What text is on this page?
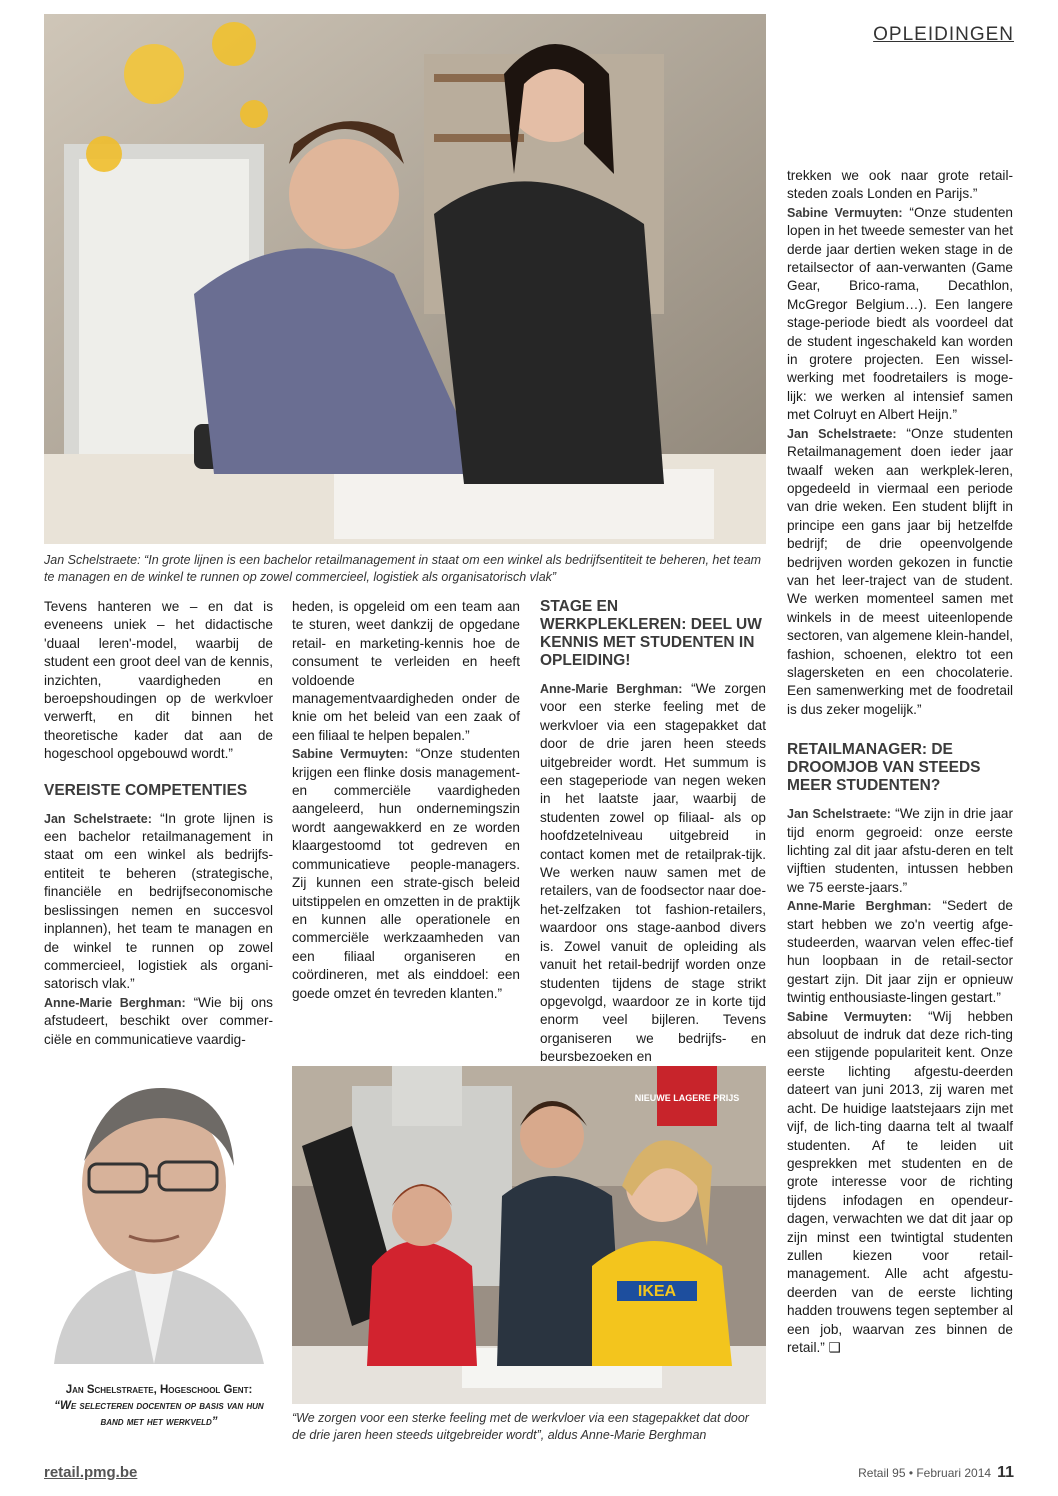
OPLEIDINGEN
Jan Schelstraete: “In grote lijnen is een bachelor retailmanagement in staat om een winkel als bedrijfsentiteit te beheren, het team te managen en de winkel te runnen op zowel commercieel, logistiek als organisatorisch vlak”

Tevens hanteren we – en dat is eveneens uniek – het didactische 'duaal leren'-model, waarbij de student een groot deel van de kennis, inzichten, vaardigheden en beroepshoudingen op de werkvloer verwerft, en dit binnen het theoretische kader dat aan de hogeschool opgebouwd wordt.”

VEREISTE COMPETENTIES

Jan Schelstraete: “In grote lijnen is een bachelor retailmanagement in staat om een winkel als bedrijfs-entiteit te beheren (strategische, financiële en bedrijfseconomische beslissingen nemen en succesvol inplannen), het team te managen en de winkel te runnen op zowel commercieel, logistiek als organi-satorisch vlak.”

Anne-Marie Berghman: “Wie bij ons afstudeert, beschikt over commer-ciële en communicatieve vaardig-

heden, is opgeleid om een team aan te sturen, weet dankzij de opgedane retail- en marketing-kennis hoe de consument te verleiden en heeft voldoende managementvaardigheden onder de knie om het beleid van een zaak of een filiaal te helpen bepalen.”

Sabine Vermuyten: “Onze studenten krijgen een flinke dosis management- en commerciële vaardigheden aangeleerd, hun ondernemingszin wordt aangewakkerd en ze worden klaargestoomd tot gedreven en communicatieve people-managers. Zij kunnen een strate-gisch beleid uitstippelen en omzetten in de praktijk en kunnen alle operationele en commerciële werkzaamheden van een filiaal organiseren en coördineren, met als einddoel: een goede omzet én tevreden klanten.”

STAGE EN WERKPLEKLEREN: DEEL UW KENNIS MET STUDENTEN IN OPLEIDING!

Anne-Marie Berghman: “We zorgen voor een sterke feeling met de werkvloer via een stagepakket dat door de drie jaren heen steeds uitgebreider wordt. Het summum is een stageperiode van negen weken in het laatste jaar, waarbij de studenten zowel op filiaal- als op hoofdzetelniveau uitgebreid in contact komen met de retailprak-tijk. We werken nauw samen met de retailers, van de foodsector naar doe-het-zelfzaken tot fashion-retailers, waardoor ons stage-aanbod divers is. Zowel vanuit de opleiding als vanuit het retail-bedrijf worden onze studenten tijdens de stage strikt opgevolgd, waardoor ze in korte tijd enorm veel bijleren. Tevens organiseren we bedrijfs- en beursbezoeken en

trekken we ook naar grote retail-steden zoals Londen en Parijs.”

Sabine Vermuyten: “Onze studenten lopen in het tweede semester van het derde jaar dertien weken stage in de retailsector of aan-verwanten (Game Gear, Brico-rama, Decathlon, McGregor Belgium…). Een langere stage-periode biedt als voordeel dat de student ingeschakeld kan worden in grotere projecten. Een wissel-werking met foodretailers is moge-lijk: we werken al intensief samen met Colruyt en Albert Heijn.”

Jan Schelstraete: “Onze studenten Retailmanagement doen ieder jaar twaalf weken aan werkplek-leren, opgedeeld in viermaal een periode van drie weken. Een student blijft in principe een gans jaar bij hetzelfde bedrijf; de drie opeenvolgende bedrijven worden gekozen in functie van het leer-traject van de student. We werken momenteel samen met winkels in de meest uiteenlopende sectoren, van algemene klein-handel, fashion, schoenen, elektro tot een slagersketen en een chocolaterie. Een samenwerking met de foodretail is dus zeker mogelijk.”

RETAILMANAGER: DE DROOMJOB VAN STEEDS MEER STUDENTEN?

Jan Schelstraete: “We zijn in drie jaar tijd enorm gegroeid: onze eerste lichting zal dit jaar afstu-deren en telt vijftien studenten, intussen hebben we 75 eerste-jaars.”

Anne-Marie Berghman: “Sedert de start hebben we zo'n veertig afge-studeerden, waarvan velen effec-tief hun loopbaan in de retail-sector gestart zijn. Dit jaar zijn er opnieuw twintig enthousiaste-lingen gestart.”

Sabine Vermuyten: “Wij hebben absoluut de indruk dat deze rich-ting een stijgende populariteit kent. Onze eerste lichting afgestu-deerden dateert van juni 2013, zij waren met acht. De huidige laatstejaars zijn met vijf, de lich-ting daarna telt al twaalf studenten. Af te leiden uit gesprekken met studenten en de grote interesse voor de richting tijdens infodagen en opendeur-dagen, verwachten we dat dit jaar op zijn minst een twintigtal studenten zullen kiezen voor retail-management. Alle acht afgestu-deerden van de eerste lichting hadden trouwens tegen september al een job, waarvan zes binnen de retail.” ❑

Jan Schelstraete, Hogeschool Gent:
“We selecteren docenten op basis van hun band met het werkveld”
NIEUWE LAGERE PRIJS
IKEA
“We zorgen voor een sterke feeling met de werkvloer via een stagepakket dat door de drie jaren heen steeds uitgebreider wordt”, aldus Anne-Marie Berghman
retail.pmg.be	Retail 95 • Februari 2014 11
